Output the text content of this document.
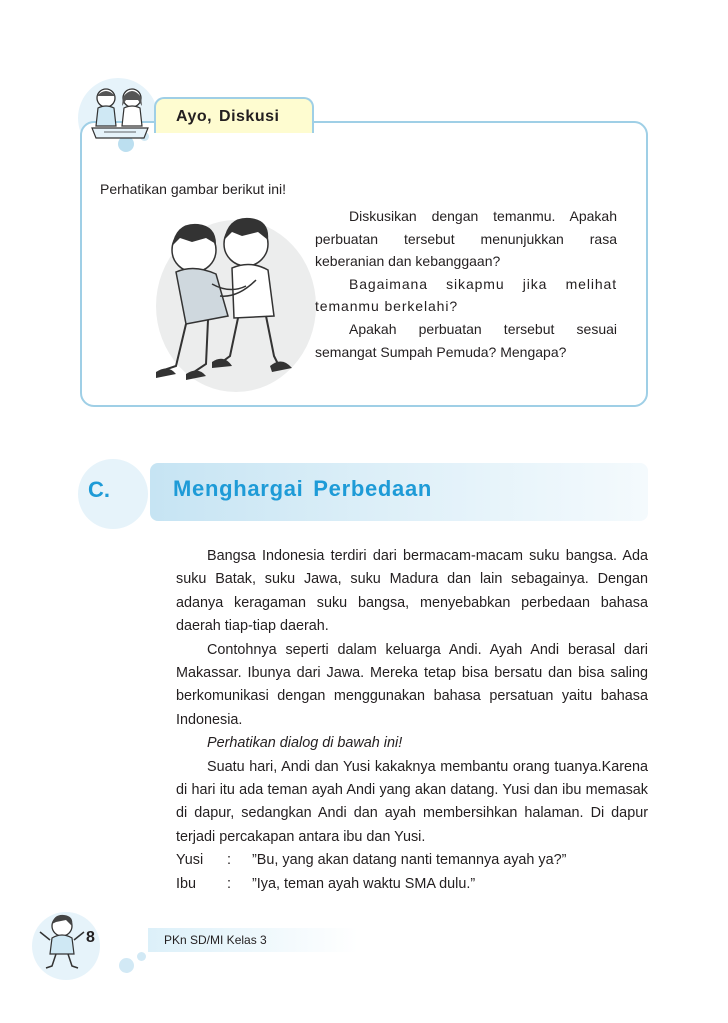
Ayo, Diskusi
Perhatikan gambar berikut ini!

Diskusikan dengan temanmu. Apakah perbuatan tersebut menunjukkan rasa keberanian dan kebanggaan?

Bagaimana sikapmu jika melihat temanmu berkelahi?

Apakah perbuatan tersebut sesuai semangat Sumpah Pemuda? Mengapa?

C.	Menghargai Perbedaan

Bangsa Indonesia terdiri dari bermacam-macam suku bangsa. Ada suku Batak, suku Jawa, suku Madura dan lain sebagainya. Dengan adanya keragaman suku bangsa, menyebabkan perbedaan bahasa daerah tiap-tiap daerah.

Contohnya seperti dalam keluarga Andi. Ayah Andi berasal dari Makassar. Ibunya dari Jawa. Mereka tetap bisa bersatu dan bisa saling berkomunikasi dengan menggunakan bahasa persatuan yaitu bahasa Indonesia.

Perhatikan dialog di bawah ini!

Suatu hari, Andi dan Yusi kakaknya membantu orang tuanya.Karena di hari itu ada teman ayah Andi yang akan datang. Yusi dan ibu memasak di dapur, sedangkan Andi dan ayah membersihkan halaman. Di dapur terjadi percakapan antara ibu dan Yusi.

Yusi	:	”Bu, yang akan datang nanti temannya ayah ya?”
Ibu	:	”Iya, teman ayah waktu SMA dulu.”
8	PKn SD/MI Kelas 3
